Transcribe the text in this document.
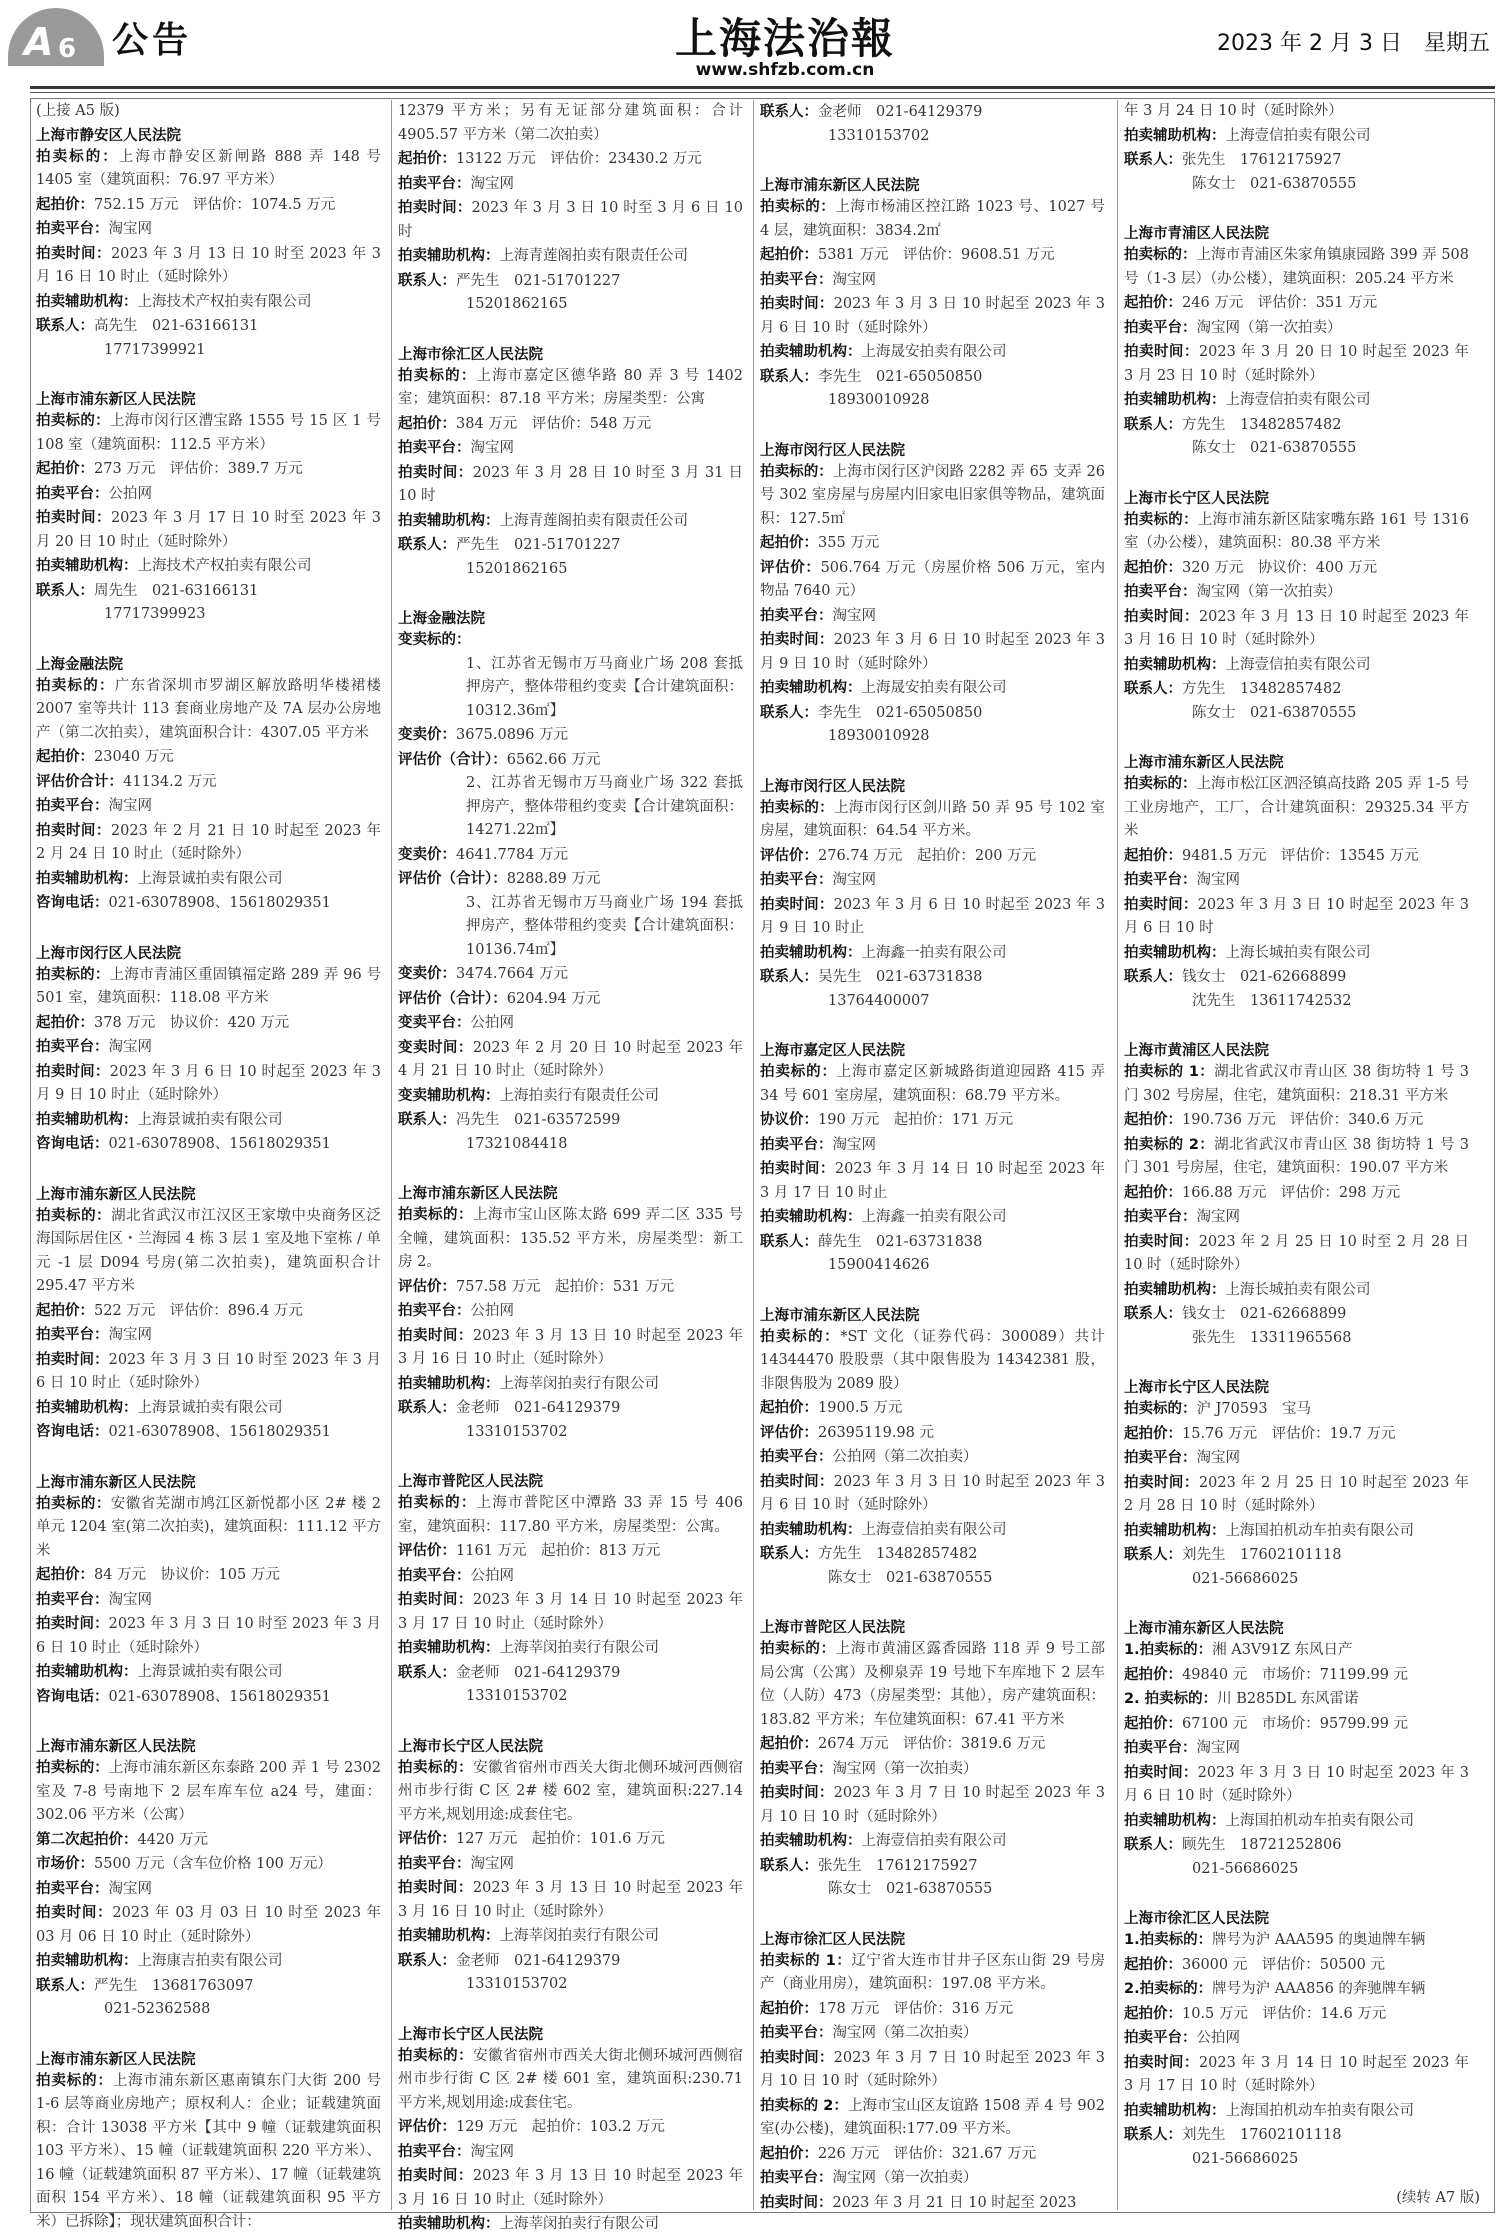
A 6 公告	上海法治報
www.shfzb.com.cn
2023 年 2 月 3 日　星期五
(上接 A5 版)
上海市静安区人民法院
拍卖标的：上海市静安区新闸路 888 弄 148 号 1405 室（建筑面积：76.97 平方米）
起拍价：752.15 万元　评估价：1074.5 万元
拍卖平台：淘宝网
拍卖时间：2023 年 3 月 13 日 10 时至 2023 年 3 月 16 日 10 时止（延时除外）
拍卖辅助机构：上海技术产权拍卖有限公司
联系人：高先生　021-63166131
17717399921
上海市浦东新区人民法院
拍卖标的：上海市闵行区漕宝路 1555 号 15 区 1 号 108 室（建筑面积：112.5 平方米）
起拍价：273 万元　评估价：389.7 万元
拍卖平台：公拍网
拍卖时间：2023 年 3 月 17 日 10 时至 2023 年 3 月 20 日 10 时止（延时除外）
拍卖辅助机构：上海技术产权拍卖有限公司
联系人：周先生　021-63166131
17717399923
上海金融法院
拍卖标的：广东省深圳市罗湖区解放路明华楼裙楼 2007 室等共计 113 套商业房地产及 7A 层办公房地产（第二次拍卖），建筑面积合计：4307.05 平方米
起拍价：23040 万元
评估价合计：41134.2 万元
拍卖平台：淘宝网
拍卖时间：2023 年 2 月 21 日 10 时起至 2023 年 2 月 24 日 10 时止（延时除外）
拍卖辅助机构：上海景诚拍卖有限公司
咨询电话：021-63078908、15618029351
上海市闵行区人民法院
拍卖标的：上海市青浦区重固镇福定路 289 弄 96 号 501 室，建筑面积：118.08 平方米
起拍价：378 万元　协议价：420 万元
拍卖平台：淘宝网
拍卖时间：2023 年 3 月 6 日 10 时起至 2023 年 3 月 9 日 10 时止（延时除外）
拍卖辅助机构：上海景诚拍卖有限公司
咨询电话：021-63078908、15618029351
上海市浦东新区人民法院
拍卖标的：湖北省武汉市江汉区王家墩中央商务区泛海国际居住区・兰海园 4 栋 3 层 1 室及地下室栋 / 单元 -1 层 D094 号房(第二次拍卖)，建筑面积合计 295.47 平方米
起拍价：522 万元　评估价：896.4 万元
拍卖平台：淘宝网
拍卖时间：2023 年 3 月 3 日 10 时至 2023 年 3 月 6 日 10 时止（延时除外）
拍卖辅助机构：上海景诚拍卖有限公司
咨询电话：021-63078908、15618029351
上海市浦东新区人民法院
拍卖标的：安徽省芜湖市鸠江区新悦都小区 2# 楼 2 单元 1204 室(第二次拍卖)，建筑面积：111.12 平方米
起拍价：84 万元　协议价：105 万元
拍卖平台：淘宝网
拍卖时间：2023 年 3 月 3 日 10 时至 2023 年 3 月 6 日 10 时止（延时除外）
拍卖辅助机构：上海景诚拍卖有限公司
咨询电话：021-63078908、15618029351
上海市浦东新区人民法院
拍卖标的：上海市浦东新区东泰路 200 弄 1 号 2302 室及 7-8 号南地下 2 层车库车位 a24 号，建面：302.06 平方米（公寓）
第二次起拍价：4420 万元
市场价：5500 万元（含车位价格 100 万元）
拍卖平台：淘宝网
拍卖时间：2023 年 03 月 03 日 10 时至 2023 年 03 月 06 日 10 时止（延时除外）
拍卖辅助机构：上海康吉拍卖有限公司
联系人：严先生　13681763097
021-52362588
上海市浦东新区人民法院
拍卖标的：上海市浦东新区惠南镇东门大街 200 号 1-6 层等商业房地产；原权利人：企业；证载建筑面积：合计 13038 平方米【其中 9 幢（证载建筑面积 103 平方米）、15 幢（证载建筑面积 220 平方米）、16 幢（证载建筑面积 87 平方米）、17 幢（证载建筑面积 154 平方米）、18 幢（证载建筑面积 95 平方米）已拆除】；现状建筑面积合计：
12379 平方米；另有无证部分建筑面积：合计 4905.57 平方米（第二次拍卖）
起拍价：13122 万元　评估价：23430.2 万元
拍卖平台：淘宝网
拍卖时间：2023 年 3 月 3 日 10 时至 3 月 6 日 10 时
拍卖辅助机构：上海青莲阁拍卖有限责任公司
联系人：严先生　021-51701227
15201862165
上海市徐汇区人民法院
拍卖标的：上海市嘉定区德华路 80 弄 3 号 1402 室；建筑面积：87.18 平方米；房屋类型：公寓
起拍价：384 万元　评估价：548 万元
拍卖平台：淘宝网
拍卖时间：2023 年 3 月 28 日 10 时至 3 月 31 日 10 时
拍卖辅助机构：上海青莲阁拍卖有限责任公司
联系人：严先生　021-51701227
15201862165
上海金融法院
变卖标的：
1、江苏省无锡市万马商业广场 208 套抵押房产，整体带租约变卖【合计建筑面积：10312.36㎡】
变卖价：3675.0896 万元
评估价（合计）：6562.66 万元
2、江苏省无锡市万马商业广场 322 套抵押房产，整体带租约变卖【合计建筑面积：14271.22㎡】
变卖价：4641.7784 万元
评估价（合计）：8288.89 万元
3、江苏省无锡市万马商业广场 194 套抵押房产，整体带租约变卖【合计建筑面积：10136.74㎡】
变卖价：3474.7664 万元
评估价（合计）：6204.94 万元
变卖平台：公拍网
变卖时间：2023 年 2 月 20 日 10 时起至 2023 年 4 月 21 日 10 时止（延时除外）
变卖辅助机构：上海拍卖行有限责任公司
联系人：冯先生　021-63572599
17321084418
上海市浦东新区人民法院
拍卖标的：上海市宝山区陈太路 699 弄二区 335 号全幢，建筑面积：135.52 平方米，房屋类型：新工房 2。
评估价：757.58 万元　起拍价：531 万元
拍卖平台：公拍网
拍卖时间：2023 年 3 月 13 日 10 时起至 2023 年 3 月 16 日 10 时止（延时除外）
拍卖辅助机构：上海莘闵拍卖行有限公司
联系人：金老师　021-64129379
13310153702
上海市普陀区人民法院
拍卖标的：上海市普陀区中潭路 33 弄 15 号 406 室，建筑面积：117.80 平方米，房屋类型：公寓。
评估价：1161 万元　起拍价：813 万元
拍卖平台：公拍网
拍卖时间：2023 年 3 月 14 日 10 时起至 2023 年 3 月 17 日 10 时止（延时除外）
拍卖辅助机构：上海莘闵拍卖行有限公司
联系人：金老师　021-64129379
13310153702
上海市长宁区人民法院
拍卖标的：安徽省宿州市西关大街北侧环城河西侧宿州市步行街 C 区 2# 楼 602 室，建筑面积:227.14 平方米,规划用途:成套住宅。
评估价：127 万元　起拍价：101.6 万元
拍卖平台：淘宝网
拍卖时间：2023 年 3 月 13 日 10 时起至 2023 年 3 月 16 日 10 时止（延时除外）
拍卖辅助机构：上海莘闵拍卖行有限公司
联系人：金老师　021-64129379
13310153702
上海市长宁区人民法院
拍卖标的：安徽省宿州市西关大街北侧环城河西侧宿州市步行街 C 区 2# 楼 601 室，建筑面积:230.71 平方米,规划用途:成套住宅。
评估价：129 万元　起拍价：103.2 万元
拍卖平台：淘宝网
拍卖时间：2023 年 3 月 13 日 10 时起至 2023 年 3 月 16 日 10 时止（延时除外）
拍卖辅助机构：上海莘闵拍卖行有限公司
联系人：金老师　021-64129379
13310153702
上海市浦东新区人民法院
拍卖标的：上海市杨浦区控江路 1023 号、1027 号 4 层，建筑面积：3834.2㎡
起拍价：5381 万元　评估价：9608.51 万元
拍卖平台：淘宝网
拍卖时间：2023 年 3 月 3 日 10 时起至 2023 年 3 月 6 日 10 时（延时除外）
拍卖辅助机构：上海晟安拍卖有限公司
联系人：李先生　021-65050850
18930010928
上海市闵行区人民法院
拍卖标的：上海市闵行区沪闵路 2282 弄 65 支弄 26 号 302 室房屋与房屋内旧家电旧家俱等物品，建筑面积：127.5㎡
起拍价：355 万元
评估价：506.764 万元（房屋价格 506 万元，室内物品 7640 元）
拍卖平台：淘宝网
拍卖时间：2023 年 3 月 6 日 10 时起至 2023 年 3 月 9 日 10 时（延时除外）
拍卖辅助机构：上海晟安拍卖有限公司
联系人：李先生　021-65050850
18930010928
上海市闵行区人民法院
拍卖标的：上海市闵行区剑川路 50 弄 95 号 102 室房屋，建筑面积：64.54 平方米。
评估价：276.74 万元　起拍价：200 万元
拍卖平台：淘宝网
拍卖时间：2023 年 3 月 6 日 10 时起至 2023 年 3 月 9 日 10 时止
拍卖辅助机构：上海鑫一拍卖有限公司
联系人：吴先生　021-63731838
13764400007
上海市嘉定区人民法院
拍卖标的：上海市嘉定区新城路街道迎园路 415 弄 34 号 601 室房屋，建筑面积：68.79 平方米。
协议价：190 万元　起拍价：171 万元
拍卖平台：淘宝网
拍卖时间：2023 年 3 月 14 日 10 时起至 2023 年 3 月 17 日 10 时止
拍卖辅助机构：上海鑫一拍卖有限公司
联系人：薛先生　021-63731838
15900414626
上海市浦东新区人民法院
拍卖标的：*ST 文化（证券代码：300089）共计 14344470 股股票（其中限售股为 14342381 股，非限售股为 2089 股）
起拍价：1900.5 万元
评估价：26395119.98 元
拍卖平台：公拍网（第二次拍卖）
拍卖时间：2023 年 3 月 3 日 10 时起至 2023 年 3 月 6 日 10 时（延时除外）
拍卖辅助机构：上海壹信拍卖有限公司
联系人：方先生　13482857482
陈女士　021-63870555
上海市普陀区人民法院
拍卖标的：上海市黄浦区露香园路 118 弄 9 号工部局公寓（公寓）及柳泉弄 19 号地下车库地下 2 层车位（人防）473（房屋类型：其他），房产建筑面积：183.82 平方米；车位建筑面积：67.41 平方米
起拍价：2674 万元　评估价：3819.6 万元
拍卖平台：淘宝网（第一次拍卖）
拍卖时间：2023 年 3 月 7 日 10 时起至 2023 年 3 月 10 日 10 时（延时除外）
拍卖辅助机构：上海壹信拍卖有限公司
联系人：张先生　17612175927
陈女士　021-63870555
上海市徐汇区人民法院
拍卖标的 1：辽宁省大连市甘井子区东山街 29 号房产（商业用房），建筑面积：197.08 平方米。
起拍价：178 万元　评估价：316 万元
拍卖平台：淘宝网（第二次拍卖）
拍卖时间：2023 年 3 月 7 日 10 时起至 2023 年 3 月 10 日 10 时（延时除外）
拍卖标的 2：上海市宝山区友谊路 1508 弄 4 号 902 室(办公楼)，建筑面积:177.09 平方米。
起拍价：226 万元　评估价：321.67 万元
拍卖平台：淘宝网（第一次拍卖）
拍卖时间：2023 年 3 月 21 日 10 时起至 2023
年 3 月 24 日 10 时（延时除外）
拍卖辅助机构：上海壹信拍卖有限公司
联系人：张先生　17612175927
陈女士　021-63870555
上海市青浦区人民法院
拍卖标的：上海市青浦区朱家角镇康园路 399 弄 508 号（1-3 层）（办公楼），建筑面积：205.24 平方米
起拍价：246 万元　评估价：351 万元
拍卖平台：淘宝网（第一次拍卖）
拍卖时间：2023 年 3 月 20 日 10 时起至 2023 年 3 月 23 日 10 时（延时除外）
拍卖辅助机构：上海壹信拍卖有限公司
联系人：方先生　13482857482
陈女士　021-63870555
上海市长宁区人民法院
拍卖标的：上海市浦东新区陆家嘴东路 161 号 1316 室（办公楼），建筑面积：80.38 平方米
起拍价：320 万元　协议价：400 万元
拍卖平台：淘宝网（第一次拍卖）
拍卖时间：2023 年 3 月 13 日 10 时起至 2023 年 3 月 16 日 10 时（延时除外）
拍卖辅助机构：上海壹信拍卖有限公司
联系人：方先生　13482857482
陈女士　021-63870555
上海市浦东新区人民法院
拍卖标的：上海市松江区泗泾镇高技路 205 弄 1-5 号工业房地产，工厂，合计建筑面积：29325.34 平方米
起拍价：9481.5 万元　评估价：13545 万元
拍卖平台：淘宝网
拍卖时间：2023 年 3 月 3 日 10 时起至 2023 年 3 月 6 日 10 时
拍卖辅助机构：上海长城拍卖有限公司
联系人：钱女士　021-62668899
沈先生　13611742532
上海市黄浦区人民法院
拍卖标的 1：湖北省武汉市青山区 38 街坊特 1 号 3 门 302 号房屋，住宅，建筑面积：218.31 平方米
起拍价：190.736 万元　评估价：340.6 万元
拍卖标的 2：湖北省武汉市青山区 38 街坊特 1 号 3 门 301 号房屋，住宅，建筑面积：190.07 平方米
起拍价：166.88 万元　评估价：298 万元
拍卖平台：淘宝网
拍卖时间：2023 年 2 月 25 日 10 时至 2 月 28 日 10 时（延时除外）
拍卖辅助机构：上海长城拍卖有限公司
联系人：钱女士　021-62668899
张先生　13311965568
上海市长宁区人民法院
拍卖标的：沪 J70593　宝马
起拍价：15.76 万元　评估价：19.7 万元
拍卖平台：淘宝网
拍卖时间：2023 年 2 月 25 日 10 时起至 2023 年 2 月 28 日 10 时（延时除外）
拍卖辅助机构：上海国拍机动车拍卖有限公司
联系人：刘先生　17602101118
021-56686025
上海市浦东新区人民法院
1.拍卖标的：湘 A3V91Z 东风日产
起拍价：49840 元　市场价：71199.99 元
2. 拍卖标的：川 B285DL 东风雷诺
起拍价：67100 元　市场价：95799.99 元
拍卖平台：淘宝网
拍卖时间：2023 年 3 月 3 日 10 时起至 2023 年 3 月 6 日 10 时（延时除外）
拍卖辅助机构：上海国拍机动车拍卖有限公司
联系人：顾先生　18721252806
021-56686025
上海市徐汇区人民法院
1.拍卖标的：牌号为沪 AAA595 的奥迪牌车辆
起拍价：36000 元　评估价：50500 元
2.拍卖标的：牌号为沪 AAA856 的奔驰牌车辆
起拍价：10.5 万元　评估价：14.6 万元
拍卖平台：公拍网
拍卖时间：2023 年 3 月 14 日 10 时起至 2023 年 3 月 17 日 10 时（延时除外）
拍卖辅助机构：上海国拍机动车拍卖有限公司
联系人：刘先生　17602101118
021-56686025
(续转 A7 版)
